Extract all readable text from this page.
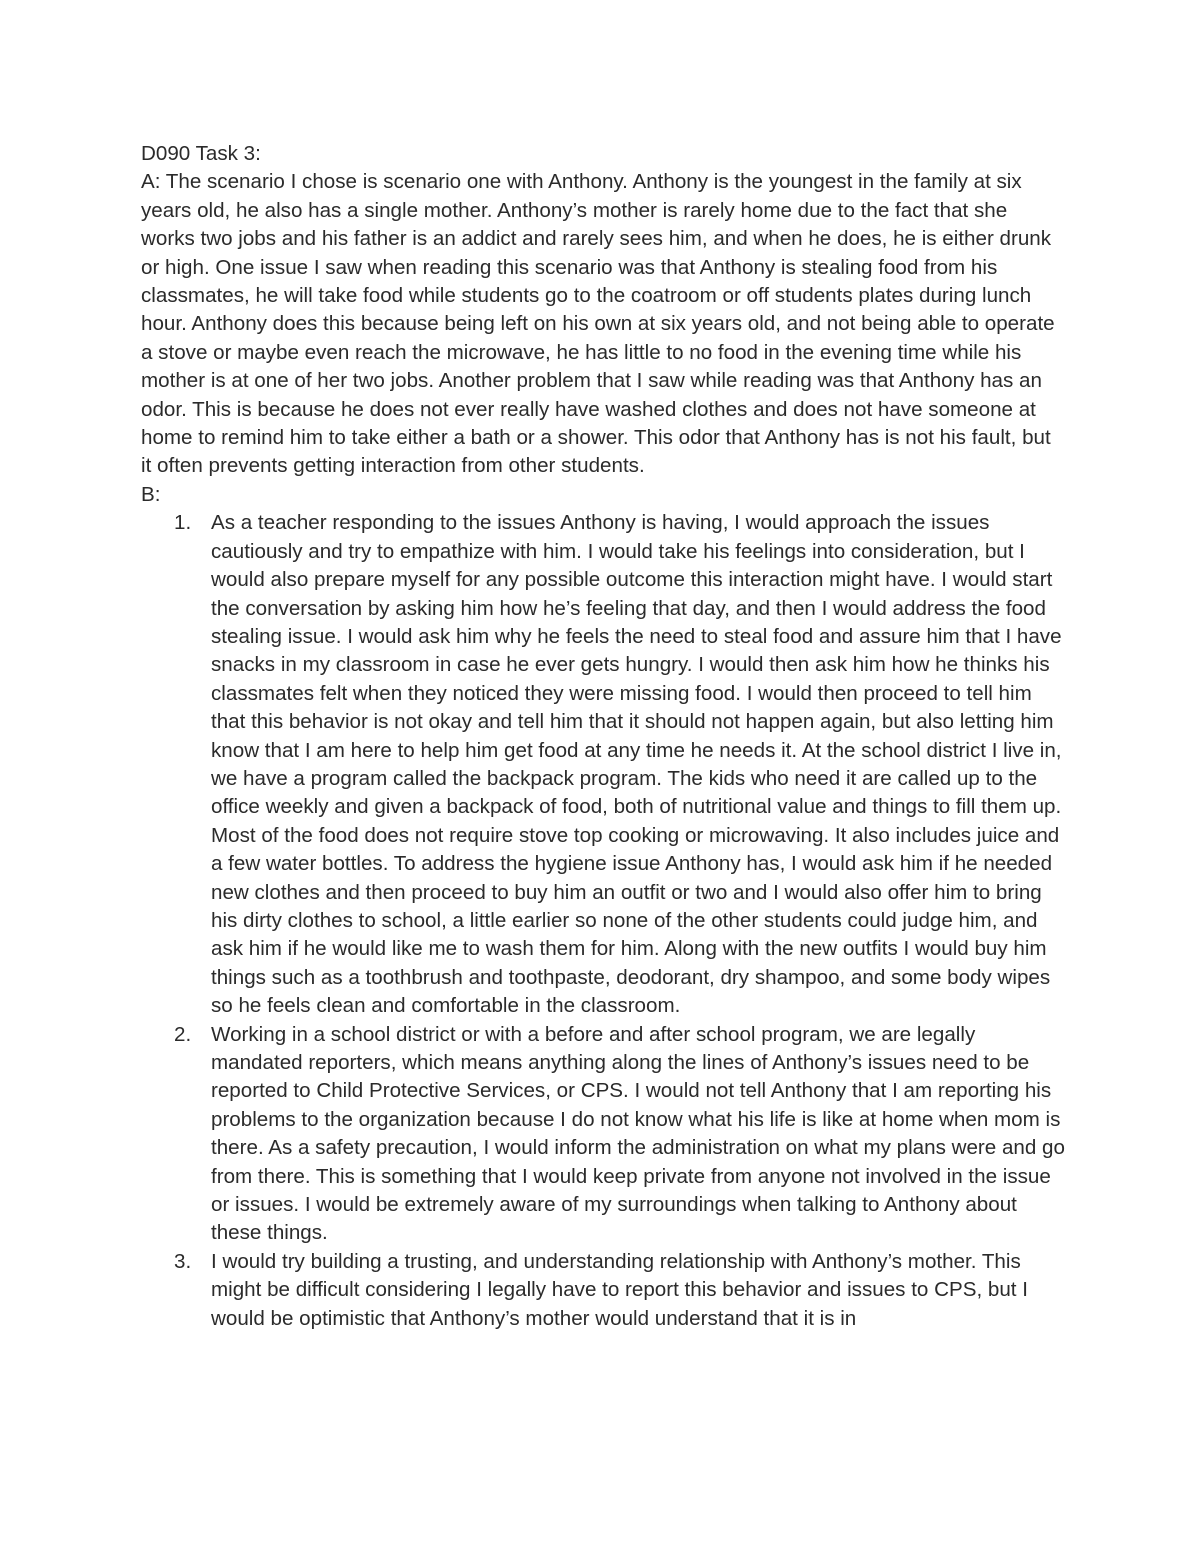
D090 Task 3:

A: The scenario I chose is scenario one with Anthony. Anthony is the youngest in the family at six years old, he also has a single mother. Anthony’s mother is rarely home due to the fact that she works two jobs and his father is an addict and rarely sees him, and when he does, he is either drunk or high. One issue I saw when reading this scenario was that Anthony is stealing food from his classmates, he will take food while students go to the coatroom or off students plates during lunch hour. Anthony does this because being left on his own at six years old, and not being able to operate a stove or maybe even reach the microwave, he has little to no food in the evening time while his mother is at one of her two jobs. Another problem that I saw while reading was that Anthony has an odor. This is because he does not ever really have washed clothes and does not have someone at home to remind him to take either a bath or a shower. This odor that Anthony has is not his fault, but it often prevents getting interaction from other students.

B:

1. As a teacher responding to the issues Anthony is having, I would approach the issues cautiously and try to empathize with him. I would take his feelings into consideration, but I would also prepare myself for any possible outcome this interaction might have. I would start the conversation by asking him how he’s feeling that day, and then I would address the food stealing issue. I would ask him why he feels the need to steal food and assure him that I have snacks in my classroom in case he ever gets hungry. I would then ask him how he thinks his classmates felt when they noticed they were missing food. I would then proceed to tell him that this behavior is not okay and tell him that it should not happen again, but also letting him know that I am here to help him get food at any time he needs it. At the school district I live in, we have a program called the backpack program. The kids who need it are called up to the office weekly and given a backpack of food, both of nutritional value and things to fill them up. Most of the food does not require stove top cooking or microwaving. It also includes juice and a few water bottles. To address the hygiene issue Anthony has, I would ask him if he needed new clothes and then proceed to buy him an outfit or two and I would also offer him to bring his dirty clothes to school, a little earlier so none of the other students could judge him, and ask him if he would like me to wash them for him. Along with the new outfits I would buy him things such as a toothbrush and toothpaste, deodorant, dry shampoo, and some body wipes so he feels clean and comfortable in the classroom.
2. Working in a school district or with a before and after school program, we are legally mandated reporters, which means anything along the lines of Anthony’s issues need to be reported to Child Protective Services, or CPS. I would not tell Anthony that I am reporting his problems to the organization because I do not know what his life is like at home when mom is there. As a safety precaution, I would inform the administration on what my plans were and go from there. This is something that I would keep private from anyone not involved in the issue or issues. I would be extremely aware of my surroundings when talking to Anthony about these things.
3. I would try building a trusting, and understanding relationship with Anthony’s mother. This might be difficult considering I legally have to report this behavior and issues to CPS, but I would be optimistic that Anthony’s mother would understand that it is in
